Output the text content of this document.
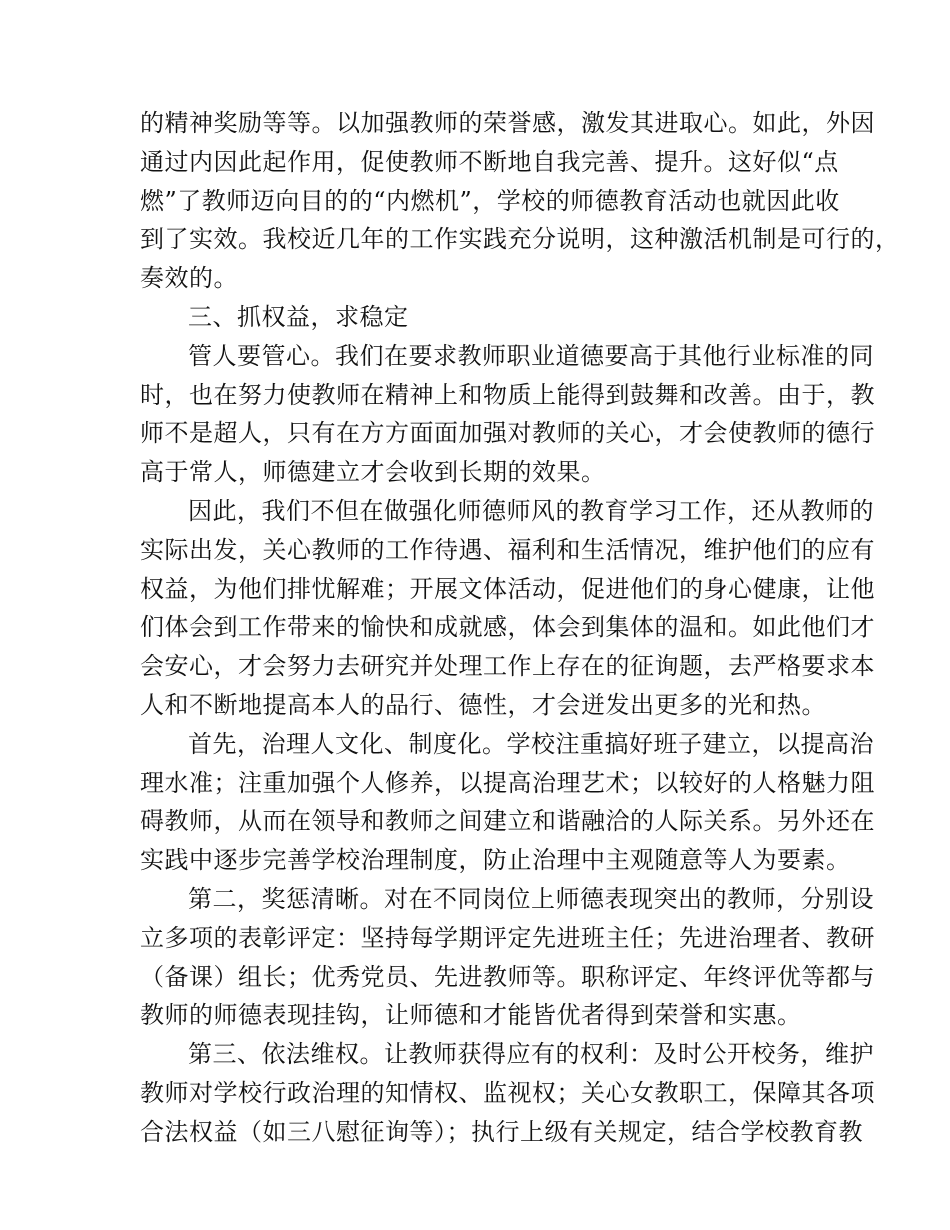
的精神奖励等等。以加强教师的荣誉感，激发其进取心。如此，外因
通过内因此起作用，促使教师不断地自我完善、提升。这好似“点
燃”了教师迈向目的的“内燃机”，学校的师德教育活动也就因此收
到了实效。我校近几年的工作实践充分说明，这种激活机制是可行的，
奏效的。
三、抓权益，求稳定
管人要管心。我们在要求教师职业道德要高于其他行业标准的同
时，也在努力使教师在精神上和物质上能得到鼓舞和改善。由于，教
师不是超人，只有在方方面面加强对教师的关心，才会使教师的德行
高于常人，师德建立才会收到长期的效果。
因此，我们不但在做强化师德师风的教育学习工作，还从教师的
实际出发，关心教师的工作待遇、福利和生活情况，维护他们的应有
权益，为他们排忧解难；开展文体活动，促进他们的身心健康，让他
们体会到工作带来的愉快和成就感，体会到集体的温和。如此他们才
会安心，才会努力去研究并处理工作上存在的征询题，去严格要求本
人和不断地提高本人的品行、德性，才会迸发出更多的光和热。
首先，治理人文化、制度化。学校注重搞好班子建立，以提高治
理水准；注重加强个人修养，以提高治理艺术；以较好的人格魅力阻
碍教师，从而在领导和教师之间建立和谐融洽的人际关系。另外还在
实践中逐步完善学校治理制度，防止治理中主观随意等人为要素。
第二，奖惩清晰。对在不同岗位上师德表现突出的教师，分别设
立多项的表彰评定：坚持每学期评定先进班主任；先进治理者、教研
（备课）组长；优秀党员、先进教师等。职称评定、年终评优等都与
教师的师德表现挂钩，让师德和才能皆优者得到荣誉和实惠。
第三、依法维权。让教师获得应有的权利：及时公开校务，维护
教师对学校行政治理的知情权、监视权；关心女教职工，保障其各项
合法权益（如三八慰征询等）；执行上级有关规定，结合学校教育教
